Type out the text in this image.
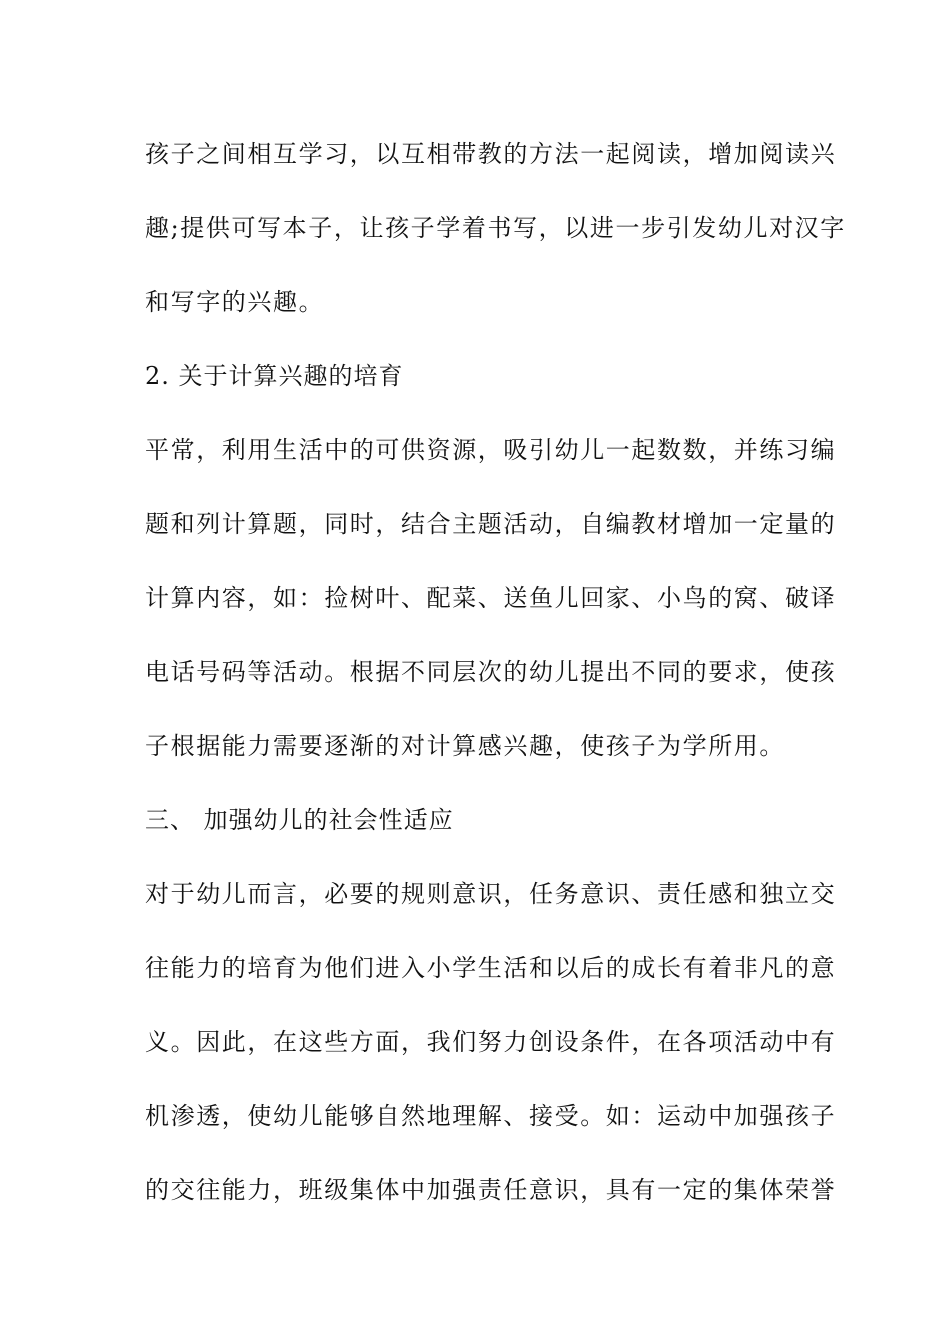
孩子之间相互学习，以互相带教的方法一起阅读，增加阅读兴
趣;提供可写本子，让孩子学着书写，以进一步引发幼儿对汉字
和写字的兴趣。
2. 关于计算兴趣的培育
平常，利用生活中的可供资源，吸引幼儿一起数数，并练习编
题和列计算题，同时，结合主题活动，自编教材增加一定量的
计算内容，如：捡树叶、配菜、送鱼儿回家、小鸟的窝、破译
电话号码等活动。根据不同层次的幼儿提出不同的要求，使孩
子根据能力需要逐渐的对计算感兴趣，使孩子为学所用。
三、 加强幼儿的社会性适应
对于幼儿而言，必要的规则意识，任务意识、责任感和独立交
往能力的培育为他们进入小学生活和以后的成长有着非凡的意
义。因此，在这些方面，我们努力创设条件，在各项活动中有
机渗透，使幼儿能够自然地理解、接受。如：运动中加强孩子
的交往能力，班级集体中加强责任意识，具有一定的集体荣誉
